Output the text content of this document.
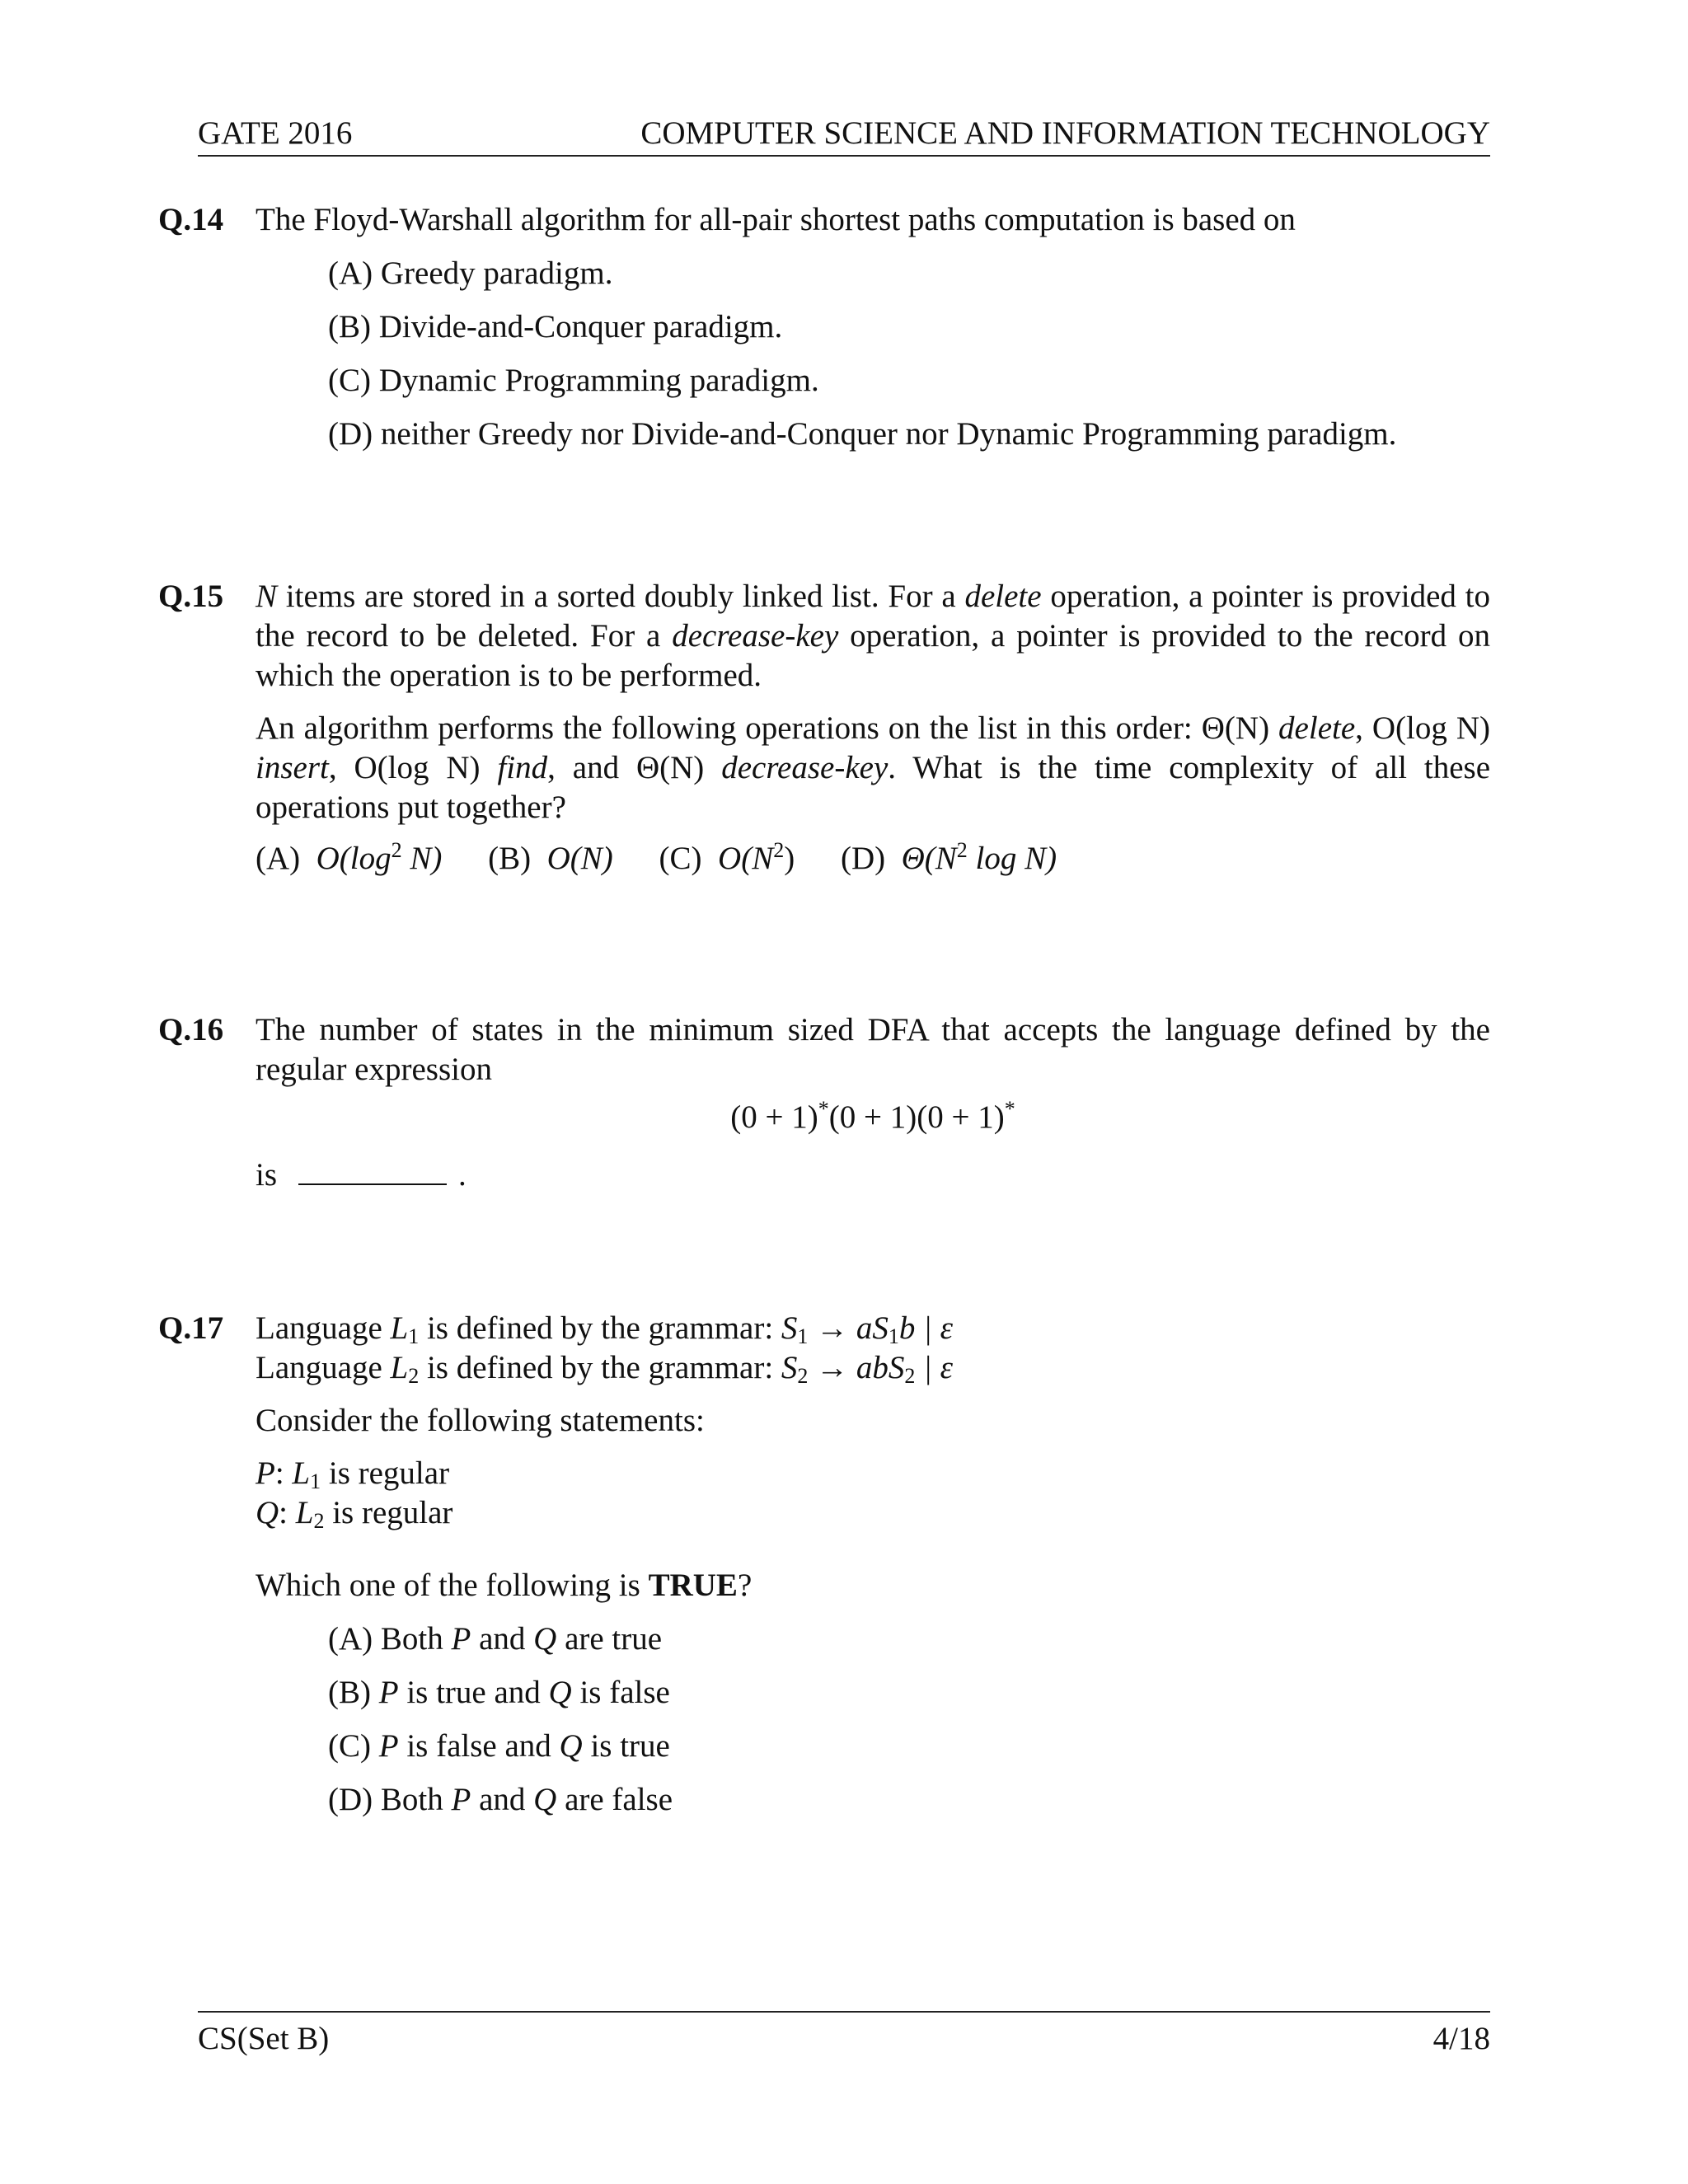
GATE 2016	COMPUTER SCIENCE AND INFORMATION TECHNOLOGY
Q.14 The Floyd-Warshall algorithm for all-pair shortest paths computation is based on

(A) Greedy paradigm.
(B) Divide-and-Conquer paradigm.
(C) Dynamic Programming paradigm.
(D) neither Greedy nor Divide-and-Conquer nor Dynamic Programming paradigm.
Q.15 N items are stored in a sorted doubly linked list. For a delete operation, a pointer is provided to the record to be deleted. For a decrease-key operation, a pointer is provided to the record on which the operation is to be performed.

An algorithm performs the following operations on the list in this order: Θ(N) delete, O(log N) insert, O(log N) find, and Θ(N) decrease-key. What is the time complexity of all these operations put together?

(A) $O(\log^2$ N) (B) O(N) (C) $O(N^2)$ (D) $\Theta(N^2$ log N)
Q.16 The number of states in the minimum sized DFA that accepts the language defined by the regular expression

(0 + 1)*(0 + 1)(0 + 1)*
is	.
Q.17 Language $L_1$ is defined by the grammar: $S_1 \to aS_1b$ | ε
Language $L_2$ is defined by the grammar: $S_2 \to abS_2$ | ε
Consider the following statements:
P: $L_1$ is regular
Q: $L_2$ is regular
Which one of the following is TRUE?
(A) Both P and Q are true
(B) P is true and Q is false
(C) P is false and Q is true
(D) Both P and Q are false
CS(Set B)	4/18
